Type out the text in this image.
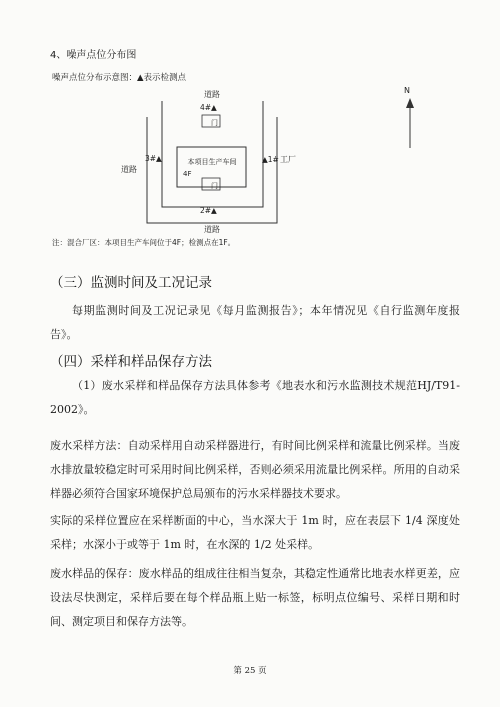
4、噪声点位分布图
噪声点位分布示意图：▲表示检测点
道路
道路
道路
工厂
本项目生产车间
4F
门
门
▲1#
2#▲
3#▲
4#▲
N
注：混合厂区：本项目生产车间位于4F；检测点在1F。
（三）监测时间及工况记录
每期监测时间及工况记录见《每月监测报告》；本年情况见《自行监测年度报告》。
（四）采样和样品保存方法
（1）废水采样和样品保存方法具体参考《地表水和污水监测技术规范HJ/T91-2002》。
废水采样方法：自动采样用自动采样器进行，有时间比例采样和流量比例采样。当废水排放量较稳定时可采用时间比例采样，否则必须采用流量比例采样。所用的自动采样器必须符合国家环境保护总局颁布的污水采样器技术要求。
实际的采样位置应在采样断面的中心，当水深大于 1m 时，应在表层下 1/4 深度处采样；水深小于或等于 1m 时，在水深的 1/2 处采样。
废水样品的保存：废水样品的组成往往相当复杂，其稳定性通常比地表水样更差，应设法尽快测定，采样后要在每个样品瓶上贴一标签，标明点位编号、采样日期和时间、测定项目和保存方法等。
第 25 页
